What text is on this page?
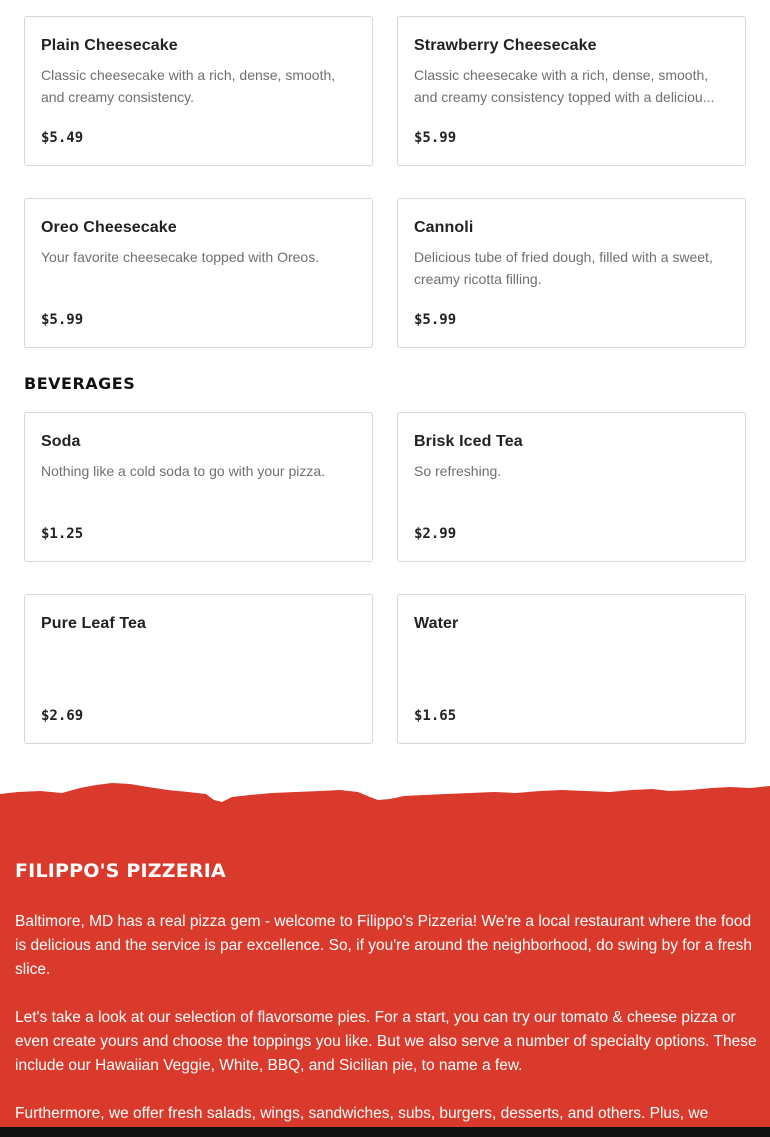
Plain Cheesecake
Classic cheesecake with a rich, dense, smooth, and creamy consistency.
$5.49
Strawberry Cheesecake
Classic cheesecake with a rich, dense, smooth, and creamy consistency topped with a deliciou...
$5.99
Oreo Cheesecake
Your favorite cheesecake topped with Oreos.
$5.99
Cannoli
Delicious tube of fried dough, filled with a sweet, creamy ricotta filling.
$5.99
BEVERAGES
Soda
Nothing like a cold soda to go with your pizza.
$1.25
Brisk Iced Tea
So refreshing.
$2.99
Pure Leaf Tea
$2.69
Water
$1.65
FILIPPO'S PIZZERIA

Baltimore, MD has a real pizza gem - welcome to Filippo's Pizzeria! We're a local restaurant where the food is delicious and the service is par excellence. So, if you're around the neighborhood, do swing by for a fresh slice.

Let's take a look at our selection of flavorsome pies. For a start, you can try our tomato & cheese pizza or even create yours and choose the toppings you like. But we also serve a number of specialty options. These include our Hawaiian Veggie, White, BBQ, and Sicilian pie, to name a few.

Furthermore, we offer fresh salads, wings, sandwiches, subs, burgers, desserts, and others. Plus, we
